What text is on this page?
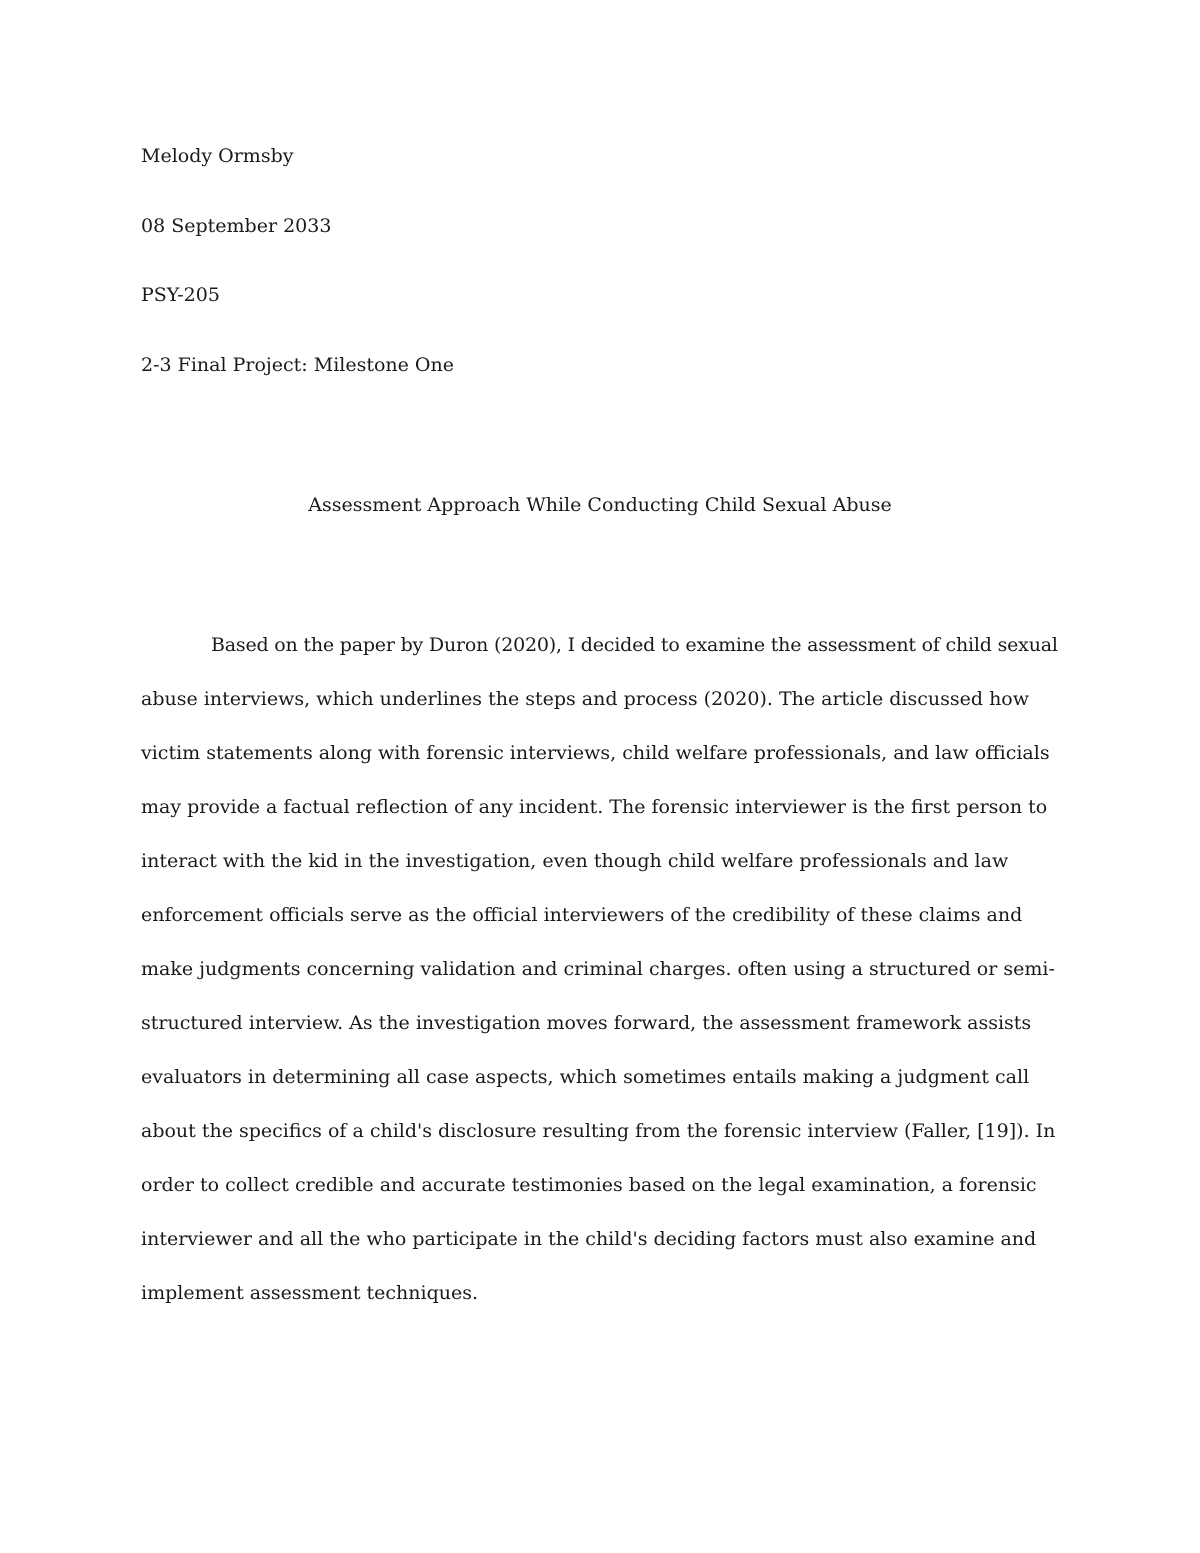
Melody Ormsby
08 September 2033
PSY-205
2-3 Final Project: Milestone One
Assessment Approach While Conducting Child Sexual Abuse
Based on the paper by Duron (2020), I decided to examine the assessment of child sexual
abuse interviews, which underlines the steps and process (2020). The article discussed how
victim statements along with forensic interviews, child welfare professionals, and law officials
may provide a factual reflection of any incident. The forensic interviewer is the first person to
interact with the kid in the investigation, even though child welfare professionals and law
enforcement officials serve as the official interviewers of the credibility of these claims and
make judgments concerning validation and criminal charges. often using a structured or semi-
structured interview. As the investigation moves forward, the assessment framework assists
evaluators in determining all case aspects, which sometimes entails making a judgment call
about the specifics of a child's disclosure resulting from the forensic interview (Faller, [19]). In
order to collect credible and accurate testimonies based on the legal examination, a forensic
interviewer and all the who participate in the child's deciding factors must also examine and
implement assessment techniques.
